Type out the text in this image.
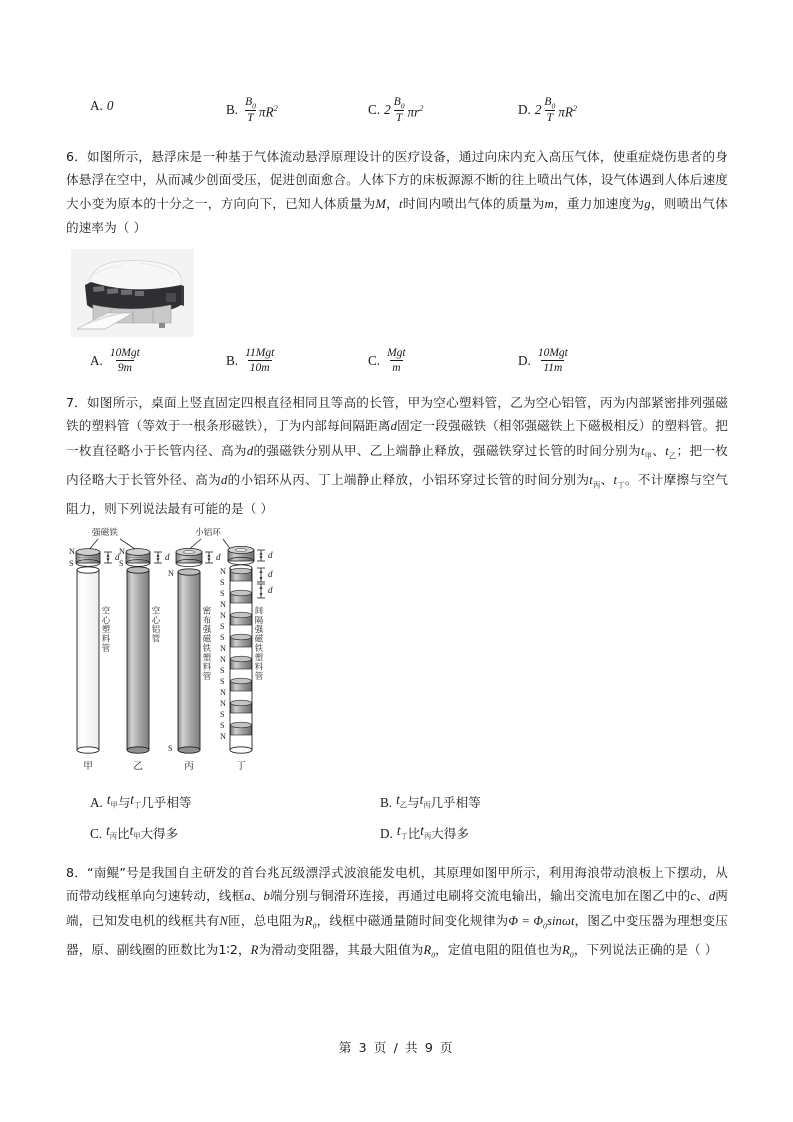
A. 0	B. $\frac{B_0}{T} \pi R^2$	C. $2 \frac{B_0}{T} \pi r^2$	D. $2 \frac{B_0}{T} \pi R^2$

6．如图所示，悬浮床是一种基于气体流动悬浮原理设计的医疗设备，通过向床内充入高压气体，使重症烧伤患者的身体悬浮在空中，从而减少创面受压，促进创面愈合。人体下方的床板源源不断的往上喷出气体，设气体遇到人体后速度大小变为原本的十分之一，方向向下，已知人体质量为M，t时间内喷出气体的质量为m，重力加速度为g，则喷出气体的速率为（ ）

A. $\frac{\text{10Mgt}}{9m}$	B. $\frac{\text{11Mgt}}{10m}$	C. $\frac{\text{Mgt}}{m}$	D. $\frac{\text{10Mgt}}{11m}$

7．如图所示，桌面上竖直固定四根直径相同且等高的长管，甲为空心塑料管，乙为空心铝管，丙为内部紧密排列强磁铁的塑料管（等效于一根条形磁铁），丁为内部每间隔距离d固定一段强磁铁（相邻强磁铁上下磁极相反）的塑料管。把一枚直径略小于长管内径、高为d的强磁铁分别从甲、乙上端静止释放，强磁铁穿过长管的时间分别为$t_甲$、$t_乙$；把一枚内径略大于长管外径、高为d的小铝环从丙、丁上端静止释放，小铝环穿过长管的时间分别为$t_丙$、$t_丁$。不计摩擦与空气阻力，则下列说法最有可能的是（ ）

强磁铁	小铝环
N
S
N
S
N
S
N
S
S
N
N
S
S
N
N
S
S
N
N
S
S
N
d	d	d	d
d
d
空心塑料管	空心铝管	密布强磁铁塑料管	间隔强磁铁塑料管
甲	乙	丙	丁
A. $t_甲$ 与 $t_丁$ 几乎相等	B. $t_乙$ 与 $t_丙$ 几乎相等
C. $t_丙$ 比 $t_甲$ 大得多	D. $t_丁$ 比 $t_丙$ 大得多

8．“南鲲”号是我国自主研发的首台兆瓦级漂浮式波浪能发电机，其原理如图甲所示，利用海浪带动浪板上下摆动，从而带动线框单向匀速转动，线框a、b端分别与铜滑环连接，再通过电刷将交流电输出，输出交流电加在图乙中的c、d两端，已知发电机的线框共有N匝，总电阻为$R_0$，线框中磁通量随时间变化规律为$\Phi = \Phi_0\sin\omega t$，图乙中变压器为理想变压器，原、副线圈的匝数比为1∶2，R为滑动变阻器，其最大阻值为$R_0$，定值电阻的阻值也为$R_0$，下列说法正确的是（ ）

第 3 页 / 共 9 页
